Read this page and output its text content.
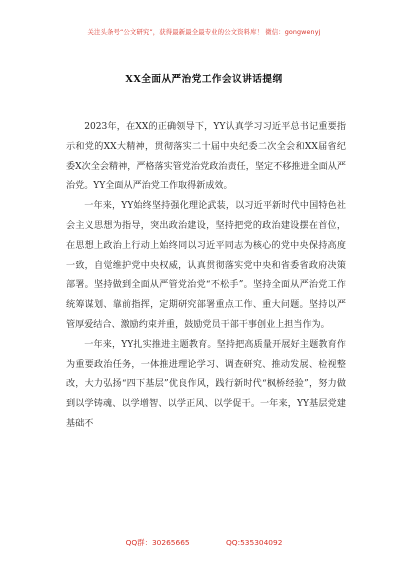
关注头条号“公文研究”，获得最新最全最专业的公文资料库！ 微信：gongwenyj
XX全面从严治党工作会议讲话提纲

2023年，在XX的正确领导下，YY认真学习习近平总书记重要指示和党的XX大精神，贯彻落实二十届中央纪委二次全会和XX届省纪委X次全会精神，严格落实管党治党政治责任，坚定不移推进全面从严治党。YY全面从严治党工作取得新成效。

一年来，YY始终坚持强化理论武装，以习近平新时代中国特色社会主义思想为指导，突出政治建设，坚持把党的政治建设摆在首位，在思想上政治上行动上始终同以习近平同志为核心的党中央保持高度一致，自觉维护党中央权威，认真贯彻落实党中央和省委省政府决策部署。坚持做到全面从严管党治党“不松手”。坚持全面从严治党工作统筹谋划、靠前指挥，定期研究部署重点工作、重大问题。坚持以严管厚爱结合、激励约束并重，鼓励党员干部干事创业上担当作为。

一年来，YY扎实推进主题教育。坚持把高质量开展好主题教育作为重要政治任务，一体推进理论学习、调查研究、推动发展、检视整改，大力弘扬“四下基层”优良作风，践行新时代“枫桥经验”，努力做到以学铸魂、以学增智、以学正风、以学促干。一年来，YY基层党建基础不

QQ群：30265665	QQ:535304092
